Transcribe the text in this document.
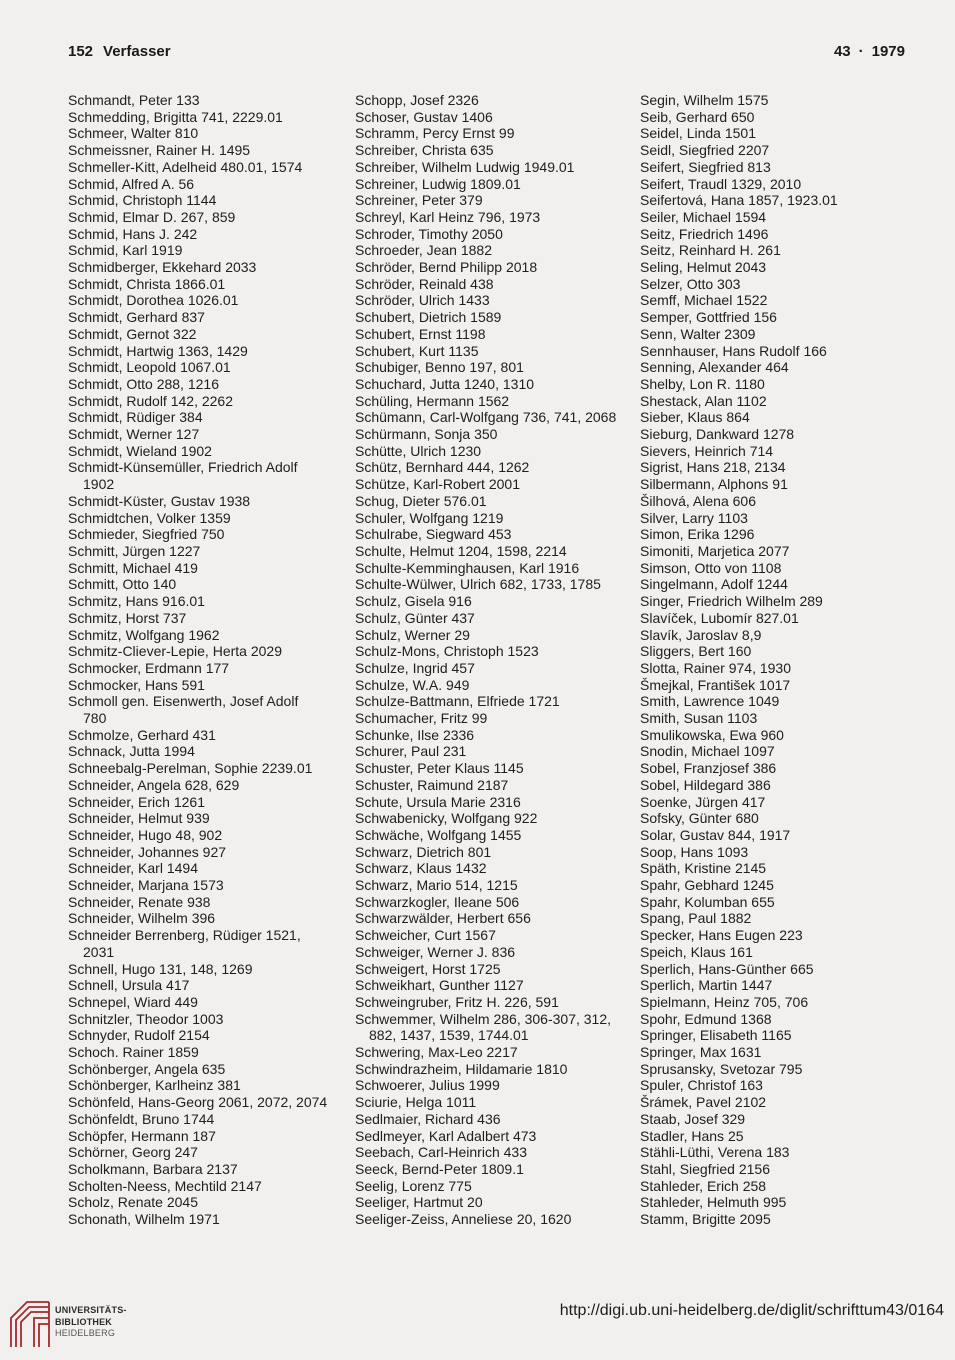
152 Verfasser	43 · 1979
Schmandt, Peter 133
Schmedding, Brigitta 741, 2229.01
Schmeer, Walter 810
Schmeissner, Rainer H. 1495
Schmeller-Kitt, Adelheid 480.01, 1574
Schmid, Alfred A. 56
Schmid, Christoph 1144
Schmid, Elmar D. 267, 859
Schmid, Hans J. 242
Schmid, Karl 1919
Schmidberger, Ekkehard 2033
Schmidt, Christa 1866.01
Schmidt, Dorothea 1026.01
Schmidt, Gerhard 837
Schmidt, Gernot 322
Schmidt, Hartwig 1363, 1429
Schmidt, Leopold 1067.01
Schmidt, Otto 288, 1216
Schmidt, Rudolf 142, 2262
Schmidt, Rüdiger 384
Schmidt, Werner 127
Schmidt, Wieland 1902
Schmidt-Künsemüller, Friedrich Adolf
1902
Schmidt-Küster, Gustav 1938
Schmidtchen, Volker 1359
Schmieder, Siegfried 750
Schmitt, Jürgen 1227
Schmitt, Michael 419
Schmitt, Otto 140
Schmitz, Hans 916.01
Schmitz, Horst 737
Schmitz, Wolfgang 1962
Schmitz-Cliever-Lepie, Herta 2029
Schmocker, Erdmann 177
Schmocker, Hans 591
Schmoll gen. Eisenwerth, Josef Adolf
780
Schmolze, Gerhard 431
Schnack, Jutta 1994
Schneebalg-Perelman, Sophie 2239.01
Schneider, Angela 628, 629
Schneider, Erich 1261
Schneider, Helmut 939
Schneider, Hugo 48, 902
Schneider, Johannes 927
Schneider, Karl 1494
Schneider, Marjana 1573
Schneider, Renate 938
Schneider, Wilhelm 396
Schneider Berrenberg, Rüdiger 1521,
2031
Schnell, Hugo 131, 148, 1269
Schnell, Ursula 417
Schnepel, Wiard 449
Schnitzler, Theodor 1003
Schnyder, Rudolf 2154
Schoch. Rainer 1859
Schönberger, Angela 635
Schönberger, Karlheinz 381
Schönfeld, Hans-Georg 2061, 2072, 2074
Schönfeldt, Bruno 1744
Schöpfer, Hermann 187
Schörner, Georg 247
Scholkmann, Barbara 2137
Scholten-Neess, Mechtild 2147
Scholz, Renate 2045
Schonath, Wilhelm 1971
Schopp, Josef 2326
Schoser, Gustav 1406
Schramm, Percy Ernst 99
Schreiber, Christa 635
Schreiber, Wilhelm Ludwig 1949.01
Schreiner, Ludwig 1809.01
Schreiner, Peter 379
Schreyl, Karl Heinz 796, 1973
Schroder, Timothy 2050
Schroeder, Jean 1882
Schröder, Bernd Philipp 2018
Schröder, Reinald 438
Schröder, Ulrich 1433
Schubert, Dietrich 1589
Schubert, Ernst 1198
Schubert, Kurt 1135
Schubiger, Benno 197, 801
Schuchard, Jutta 1240, 1310
Schüling, Hermann 1562
Schümann, Carl-Wolfgang 736, 741, 2068
Schürmann, Sonja 350
Schütte, Ulrich 1230
Schütz, Bernhard 444, 1262
Schütze, Karl-Robert 2001
Schug, Dieter 576.01
Schuler, Wolfgang 1219
Schulrabe, Siegward 453
Schulte, Helmut 1204, 1598, 2214
Schulte-Kemminghausen, Karl 1916
Schulte-Wülwer, Ulrich 682, 1733, 1785
Schulz, Gisela 916
Schulz, Günter 437
Schulz, Werner 29
Schulz-Mons, Christoph 1523
Schulze, Ingrid 457
Schulze, W.A. 949
Schulze-Battmann, Elfriede 1721
Schumacher, Fritz 99
Schunke, Ilse 2336
Schurer, Paul 231
Schuster, Peter Klaus 1145
Schuster, Raimund 2187
Schute, Ursula Marie 2316
Schwabenicky, Wolfgang 922
Schwäche, Wolfgang 1455
Schwarz, Dietrich 801
Schwarz, Klaus 1432
Schwarz, Mario 514, 1215
Schwarzkogler, Ileane 506
Schwarzwälder, Herbert 656
Schweicher, Curt 1567
Schweiger, Werner J. 836
Schweigert, Horst 1725
Schweikhart, Gunther 1127
Schweingruber, Fritz H. 226, 591
Schwemmer, Wilhelm 286, 306-307, 312,
882, 1437, 1539, 1744.01
Schwering, Max-Leo 2217
Schwindrazheim, Hildamarie 1810
Schwoerer, Julius 1999
Sciurie, Helga 1011
Sedlmaier, Richard 436
Sedlmeyer, Karl Adalbert 473
Seebach, Carl-Heinrich 433
Seeck, Bernd-Peter 1809.1
Seelig, Lorenz 775
Seeliger, Hartmut 20
Seeliger-Zeiss, Anneliese 20, 1620
Segin, Wilhelm 1575
Seib, Gerhard 650
Seidel, Linda 1501
Seidl, Siegfried 2207
Seifert, Siegfried 813
Seifert, Traudl 1329, 2010
Seifertová, Hana 1857, 1923.01
Seiler, Michael 1594
Seitz, Friedrich 1496
Seitz, Reinhard H. 261
Seling, Helmut 2043
Selzer, Otto 303
Semff, Michael 1522
Semper, Gottfried 156
Senn, Walter 2309
Sennhauser, Hans Rudolf 166
Senning, Alexander 464
Shelby, Lon R. 1180
Shestack, Alan 1102
Sieber, Klaus 864
Sieburg, Dankward 1278
Sievers, Heinrich 714
Sigrist, Hans 218, 2134
Silbermann, Alphons 91
Šilhová, Alena 606
Silver, Larry 1103
Simon, Erika 1296
Simoniti, Marjetica 2077
Simson, Otto von 1108
Singelmann, Adolf 1244
Singer, Friedrich Wilhelm 289
Slavíček, Lubomír 827.01
Slavík, Jaroslav 8,9
Sliggers, Bert 160
Slotta, Rainer 974, 1930
Šmejkal, František 1017
Smith, Lawrence 1049
Smith, Susan 1103
Smulikowska, Ewa 960
Snodin, Michael 1097
Sobel, Franzjosef 386
Sobel, Hildegard 386
Soenke, Jürgen 417
Sofsky, Günter 680
Solar, Gustav 844, 1917
Soop, Hans 1093
Späth, Kristine 2145
Spahr, Gebhard 1245
Spahr, Kolumban 655
Spang, Paul 1882
Specker, Hans Eugen 223
Speich, Klaus 161
Sperlich, Hans-Günther 665
Sperlich, Martin 1447
Spielmann, Heinz 705, 706
Spohr, Edmund 1368
Springer, Elisabeth 1165
Springer, Max 1631
Sprusansky, Svetozar 795
Spuler, Christof 163
Šrámek, Pavel 2102
Staab, Josef 329
Stadler, Hans 25
Stähli-Lüthi, Verena 183
Stahl, Siegfried 2156
Stahleder, Erich 258
Stahleder, Helmuth 995
Stamm, Brigitte 2095
UNIVERSITÄTS-
BIBLIOTHEK
HEIDELBERG
http://digi.ub.uni-heidelberg.de/diglit/schrifttum43/0164
